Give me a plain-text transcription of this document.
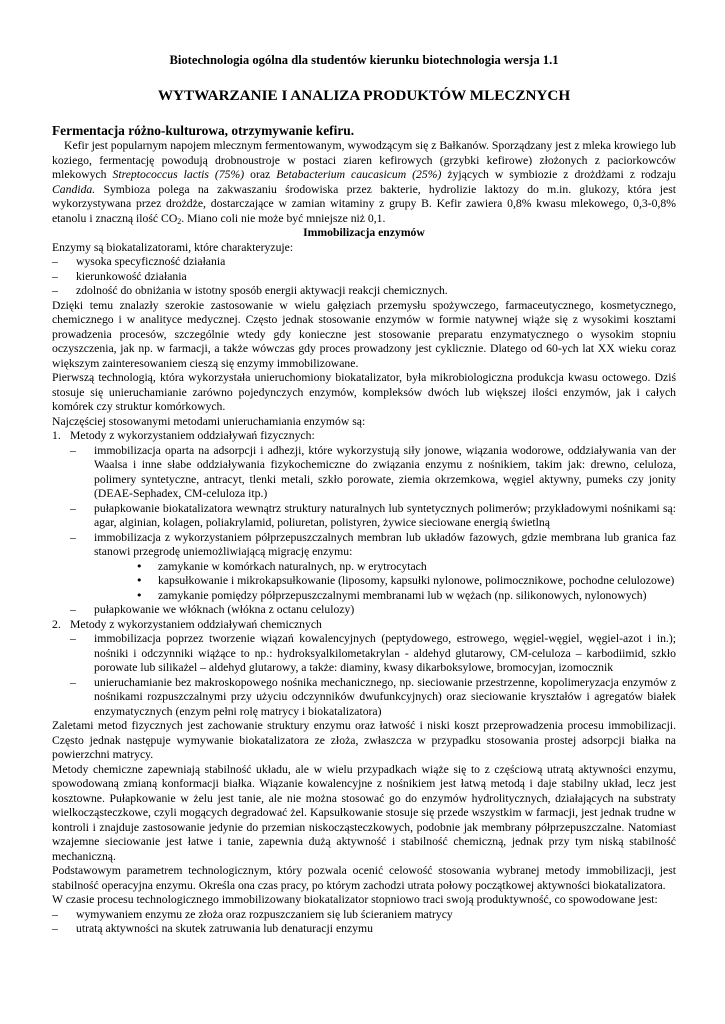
Biotechnologia ogólna dla studentów kierunku biotechnologia wersja 1.1
WYTWARZANIE I ANALIZA PRODUKTÓW MLECZNYCH
Fermentacja różno-kulturowa, otrzymywanie kefiru.

Kefir jest popularnym napojem mlecznym fermentowanym, wywodzącym się z Bałkanów. Sporządzany jest z mleka krowiego lub koziego, fermentację powodują drobnoustroje w postaci ziaren kefirowych (grzybki kefirowe) złożonych z paciorkowców mlekowych Streptococcus lactis (75%) oraz Betabacterium caucasicum (25%) żyjących w symbiozie z drożdżami z rodzaju Candida. Symbioza polega na zakwaszaniu środowiska przez bakterie, hydrolizie laktozy do m.in. glukozy, która jest wykorzystywana przez drożdże, dostarczające w zamian witaminy z grupy B. Kefir zawiera 0,8% kwasu mlekowego, 0,3-0,8% etanolu i znaczną ilość $CO_2$. Miano coli nie może być mniejsze niż 0,1.

Immobilizacja enzymów

Enzymy są biokatalizatorami, które charakteryzuje:

– wysoka specyficzność działania
– kierunkowość działania
– zdolność do obniżania w istotny sposób energii aktywacji reakcji chemicznych.

Dzięki temu znalazły szerokie zastosowanie w wielu gałęziach przemysłu spożywczego, farmaceutycznego, kosmetycznego, chemicznego i w analityce medycznej. Często jednak stosowanie enzymów w formie natywnej wiąże się z wysokimi kosztami prowadzenia procesów, szczególnie wtedy gdy konieczne jest stosowanie preparatu enzymatycznego o wysokim stopniu oczyszczenia, jak np. w farmacji, a także wówczas gdy proces prowadzony jest cyklicznie. Dlatego od 60-ych lat XX wieku coraz większym zainteresowaniem cieszą się enzymy immobilizowane.

Pierwszą technologią, która wykorzystała unieruchomiony biokatalizator, była mikrobiologiczna produkcja kwasu octowego. Dziś stosuje się unieruchamianie zarówno pojedynczych enzymów, kompleksów dwóch lub większej ilości enzymów, jak i całych komórek czy struktur komórkowych.

Najczęściej stosowanymi metodami unieruchamiania enzymów są:

1. Metody z wykorzystaniem oddziaływań fizycznych:
– immobilizacja oparta na adsorpcji i adhezji, które wykorzystują siły jonowe, wiązania wodorowe, oddziaływania van der Waalsa i inne słabe oddziaływania fizykochemiczne do związania enzymu z nośnikiem, takim jak: drewno, celuloza, polimery syntetyczne, antracyt, tlenki metali, szkło porowate, ziemia okrzemkowa, węgiel aktywny, pumeks czy jonity (DEAE-Sephadex, CM-celuloza itp.)
– pułapkowanie biokatalizatora wewnątrz struktury naturalnych lub syntetycznych polimerów; przykładowymi nośnikami są: agar, alginian, kolagen, poliakrylamid, poliuretan, polistyren, żywice sieciowane energią świetlną
– immobilizacja z wykorzystaniem półprzepuszczalnych membran lub układów fazowych, gdzie membrana lub granica faz stanowi przegrodę uniemożliwiającą migrację enzymu:
• zamykanie w komórkach naturalnych, np. w erytrocytach
• kapsułkowanie i mikrokapsułkowanie (liposomy, kapsułki nylonowe, polimocznikowe, pochodne celulozowe)
• zamykanie pomiędzy półprzepuszczalnymi membranami lub w wężach (np. silikonowych, nylonowych)
– pułapkowanie we włóknach (włókna z octanu celulozy)
2. Metody z wykorzystaniem oddziaływań chemicznych
– immobilizacja poprzez tworzenie wiązań kowalencyjnych (peptydowego, estrowego, węgiel-węgiel, węgiel-azot i in.); nośniki i odczynniki wiążące to np.: hydroksyalkilometakrylan - aldehyd glutarowy, CM-celuloza – karbodiimid, szkło porowate lub silikażel – aldehyd glutarowy, a także: diaminy, kwasy dikarboksylowe, bromocyjan, izomocznik
– unieruchamianie bez makroskopowego nośnika mechanicznego, np. sieciowanie przestrzenne, kopolimeryzacja enzymów z nośnikami rozpuszczalnymi przy użyciu odczynników dwufunkcyjnych) oraz sieciowanie kryształów i agregatów białek enzymatycznych (enzym pełni rolę matrycy i biokatalizatora)

Zaletami metod fizycznych jest zachowanie struktury enzymu oraz łatwość i niski koszt przeprowadzenia procesu immobilizacji. Często jednak następuje wymywanie biokatalizatora ze złoża, zwłaszcza w przypadku stosowania prostej adsorpcji białka na powierzchni matrycy.

Metody chemiczne zapewniają stabilność układu, ale w wielu przypadkach wiąże się to z częściową utratą aktywności enzymu, spowodowaną zmianą konformacji białka. Wiązanie kowalencyjne z nośnikiem jest łatwą metodą i daje stabilny układ, lecz jest kosztowne. Pułapkowanie w żelu jest tanie, ale nie można stosować go do enzymów hydrolitycznych, działających na substraty wielkocząsteczkowe, czyli mogących degradować żel. Kapsułkowanie stosuje się przede wszystkim w farmacji, jest jednak trudne w kontroli i znajduje zastosowanie jedynie do przemian niskocząsteczkowych, podobnie jak membrany półprzepuszczalne. Natomiast wzajemne sieciowanie jest łatwe i tanie, zapewnia dużą aktywność i stabilność chemiczną, jednak przy tym niską stabilność mechaniczną.

Podstawowym parametrem technologicznym, który pozwala ocenić celowość stosowania wybranej metody immobilizacji, jest stabilność operacyjna enzymu. Określa ona czas pracy, po którym zachodzi utrata połowy początkowej aktywności biokatalizatora.

W czasie procesu technologicznego immobilizowany biokatalizator stopniowo traci swoją produktywność, co spowodowane jest:

– wymywaniem enzymu ze złoża oraz rozpuszczaniem się lub ścieraniem matrycy
– utratą aktywności na skutek zatruwania lub denaturacji enzymu
